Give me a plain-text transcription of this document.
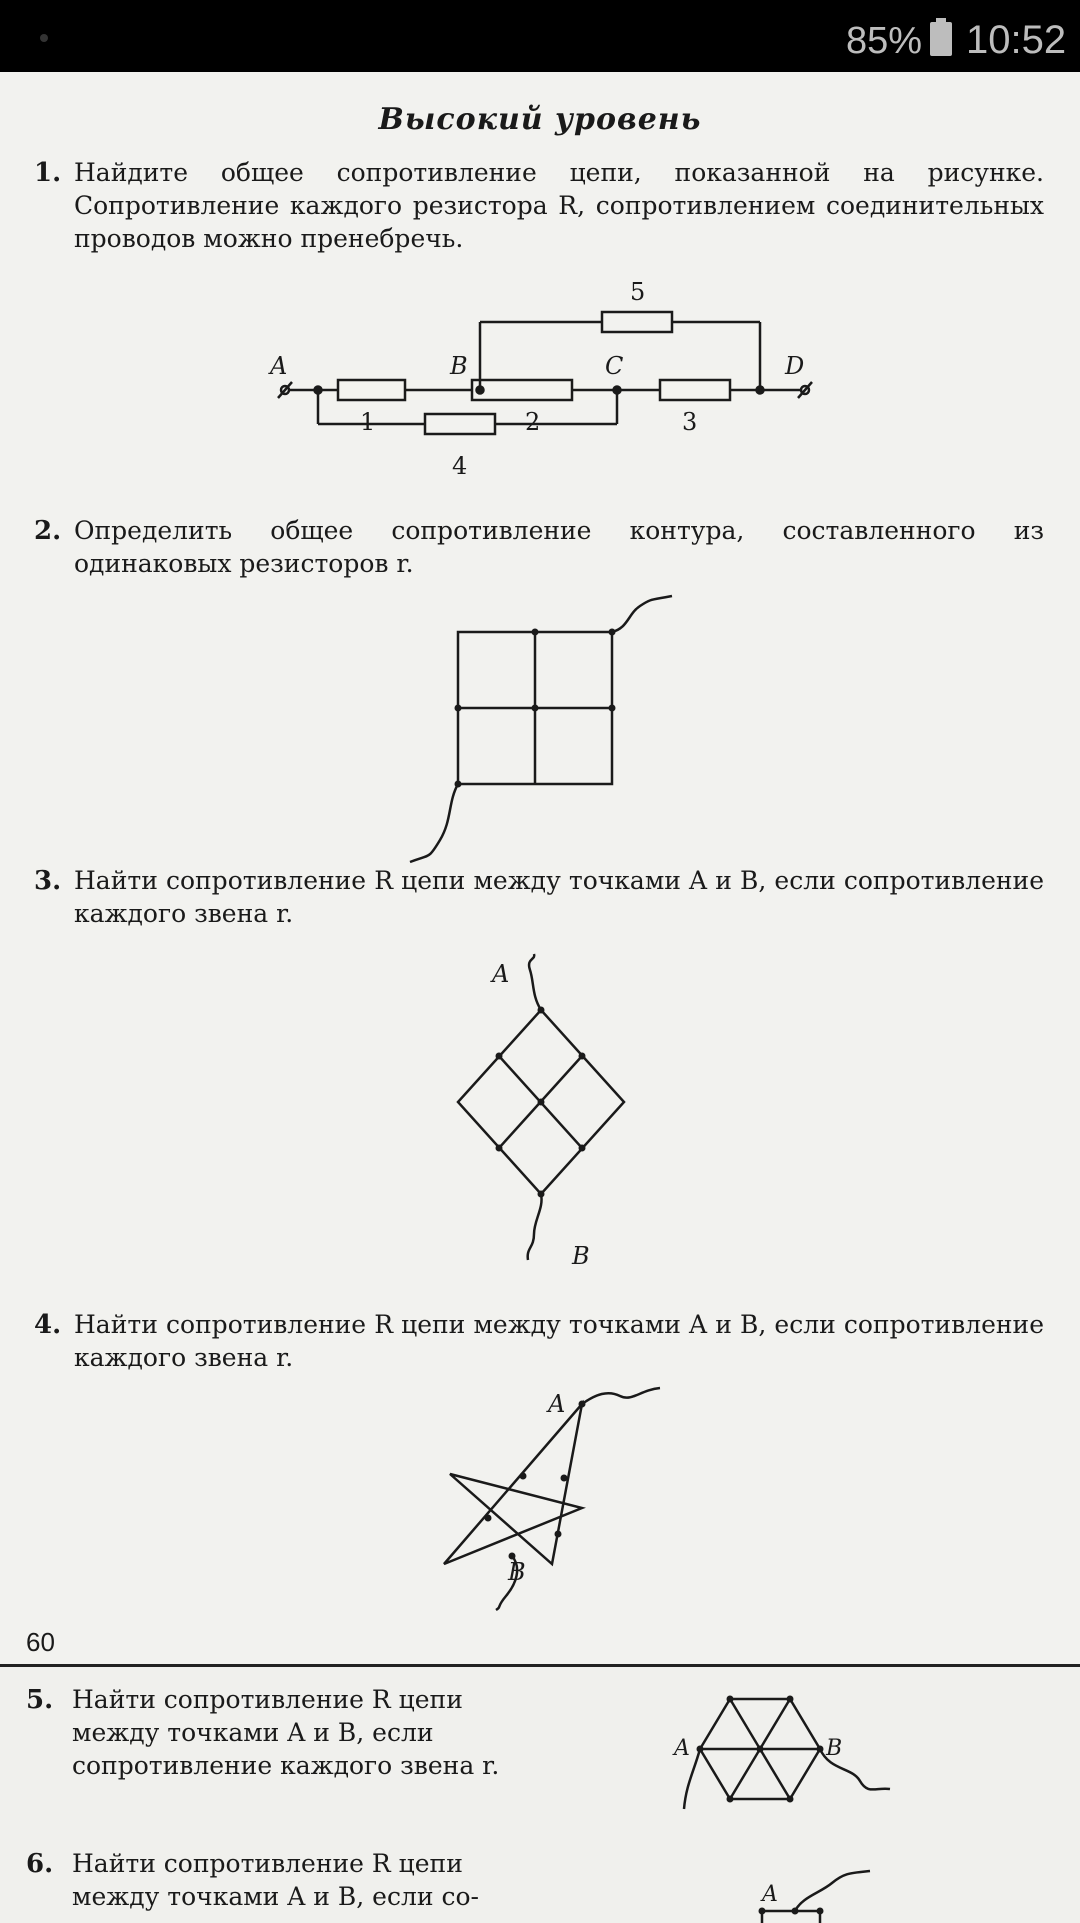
85% 10:52
Высокий уровень
1. Найдите общее сопротивление цепи, показанной на рисунке. Сопротивление каждого резистора R, сопротивлением соединительных проводов можно пренебречь.
A	B	C	D
1	2	3
4
5
2. Определить общее сопротивление контура, составленного из одинаковых резисторов r.
3. Найти сопротивление R цепи между точками A и B, если сопротивление каждого звена r.
A
B
4. Найти сопротивление R цепи между точками A и B, если сопротивление каждого звена r.
A
B
60
5. Найти сопротивление R цепи между точками A и B, если сопротивление каждого звена r.
A	B
6. Найти сопротивление R цепи между точками A и B, если со-	A
